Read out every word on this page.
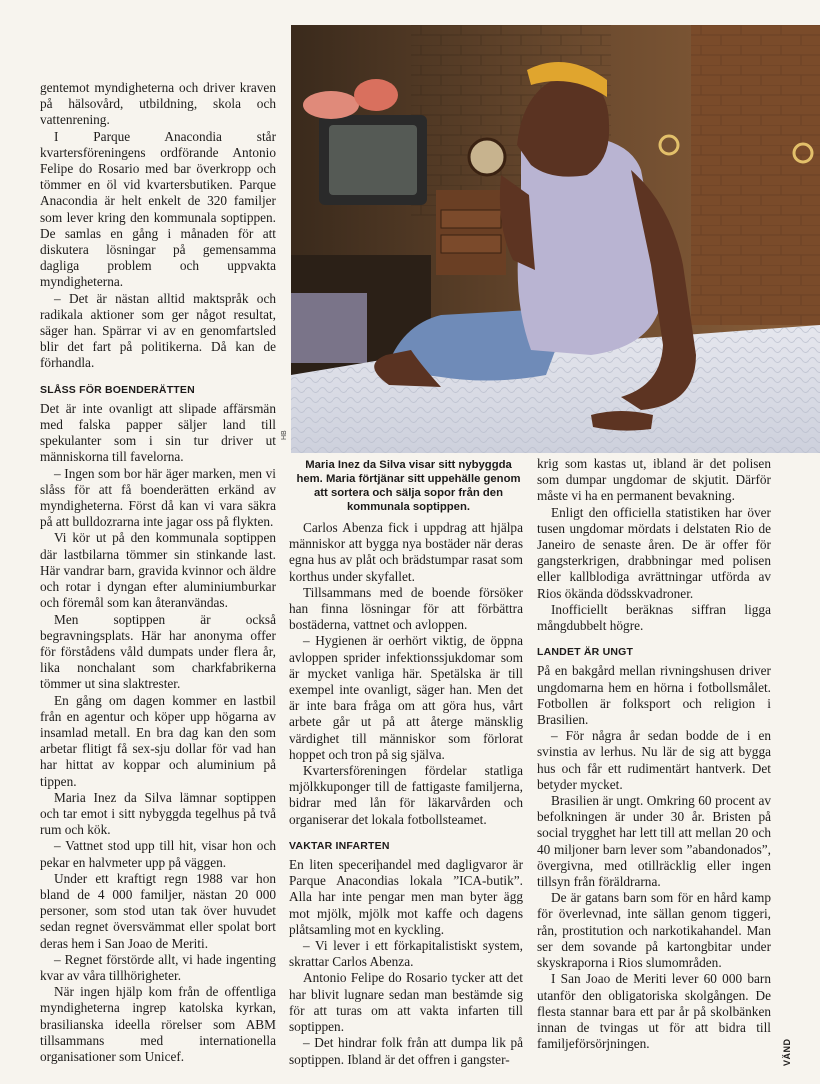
gentemot myndigheterna och driver kraven på hälsovård, utbildning, skola och vattenrening.

I Parque Anacondia står kvartersföreningens ordförande Antonio Felipe do Rosario med bar överkropp och tömmer en öl vid kvartersbutiken. Parque Anacondia är helt enkelt de 320 familjer som lever kring den kommunala soptippen. De samlas en gång i månaden för att diskutera lösningar på gemensamma dagliga problem och uppvakta myndigheterna.

– Det är nästan alltid maktspråk och radikala aktioner som ger något resultat, säger han. Spärrar vi av en genomfartsled blir det fart på politikerna. Då kan de förhandla.

SLÅSS FÖR BOENDERÄTTEN

Det är inte ovanligt att slipade affärsmän med falska papper säljer land till spekulanter som i sin tur driver ut människorna till favelorna.

– Ingen som bor här äger marken, men vi slåss för att få boenderätten erkänd av myndigheterna. Först då kan vi vara säkra på att bulldozrarna inte jagar oss på flykten.

Vi kör ut på den kommunala soptippen där lastbilarna tömmer sin stinkande last. Här vandrar barn, gravida kvinnor och äldre och rotar i dyngan efter aluminiumburkar och föremål som kan återanvändas.

Men soptippen är också begravningsplats. Här har anonyma offer för förstådens våld dumpats under flera år, lika nonchalant som charkfabrikerna tömmer ut sina slaktrester.

En gång om dagen kommer en lastbil från en agentur och köper upp högarna av insamlad metall. En bra dag kan den som arbetar flitigt få sex-sju dollar för vad han har hittat av koppar och aluminium på tippen.

Maria Inez da Silva lämnar soptippen och tar emot i sitt nybyggda tegelhus på två rum och kök.

– Vattnet stod upp till hit, visar hon och pekar en halvmeter upp på väggen.

Under ett kraftigt regn 1988 var hon bland de 4 000 familjer, nästan 20 000 personer, som stod utan tak över huvudet sedan regnet översvämmat eller spolat bort deras hem i San Joao de Meriti.

– Regnet förstörde allt, vi hade ingenting kvar av våra tillhörigheter.

När ingen hjälp kom från de offentliga myndigheterna ingrep katolska kyrkan, brasilianska ideella rörelser som ABM tillsammans med internationella organisationer som Unicef.

HB
Maria Inez da Silva visar sitt nybyggda hem. Maria förtjänar sitt uppehälle genom att sortera och sälja sopor från den kommunala soptippen.

Carlos Abenza fick i uppdrag att hjälpa människor att bygga nya bostäder när deras egna hus av plåt och brädstumpar rasat som korthus under skyfallet.

Tillsammans med de boende försöker han finna lösningar för att förbättra bostäderna, vattnet och avloppen.

– Hygienen är oerhört viktig, de öppna avloppen sprider infektionssjukdomar som är mycket vanliga här. Spetälska är till exempel inte ovanligt, säger han. Men det är inte bara fråga om att göra hus, vårt arbete går ut på att återge mänsklig värdighet till människor som förlorat hoppet och tron på sig själva.

Kvartersföreningen fördelar statliga mjölkkuponger till de fattigaste familjerna, bidrar med lån för läkarvården och organiserar det lokala fotbollsteamet.

VAKTAR INFARTEN

En liten speceriḩandel med dagligvaror är Parque Anacondias lokala ”ICA-butik”. Alla har inte pengar men man byter ägg mot mjölk, mjölk mot kaffe och dagens plåtsamling mot en kyckling.

– Vi lever i ett förkapitalistiskt system, skrattar Carlos Abenza.

Antonio Felipe do Rosario tycker att det har blivit lugnare sedan man bestämde sig för att turas om att vakta infarten till soptippen.

– Det hindrar folk från att dumpa lik på soptippen. Ibland är det offren i gangster-

krig som kastas ut, ibland är det polisen som dumpar ungdomar de skjutit. Därför måste vi ha en permanent bevakning.

Enligt den officiella statistiken har över tusen ungdomar mördats i delstaten Rio de Janeiro de senaste åren. De är offer för gangsterkrigen, drabbningar med polisen eller kallblodiga avrättningar utförda av Rios ökända dödsskvadroner.

Inofficiellt beräknas siffran ligga mångdubbelt högre.

LANDET ÄR UNGT

På en bakgård mellan rivningshusen driver ungdomarna hem en hörna i fotbollsmålet. Fotbollen är folksport och religion i Brasilien.

– För några år sedan bodde de i en svinstia av lerhus. Nu lär de sig att bygga hus och får ett rudimentärt hantverk. Det betyder mycket.

Brasilien är ungt. Omkring 60 procent av befolkningen är under 30 år. Bristen på social trygghet har lett till att mellan 20 och 40 miljoner barn lever som ”abandonados”, övergivna, med otillräcklig eller ingen tillsyn från föräldrarna.

De är gatans barn som för en hård kamp för överlevnad, inte sällan genom tiggeri, rån, prostitution och narkotikahandel. Man ser dem sovande på kartongbitar under skyskraporna i Rios slumområden.

I San Joao de Meriti lever 60 000 barn utanför den obligatoriska skolgången. De flesta stannar bara ett par år på skolbänken innan de tvingas ut för att bidra till familjeförsörjningen.	VÄND
